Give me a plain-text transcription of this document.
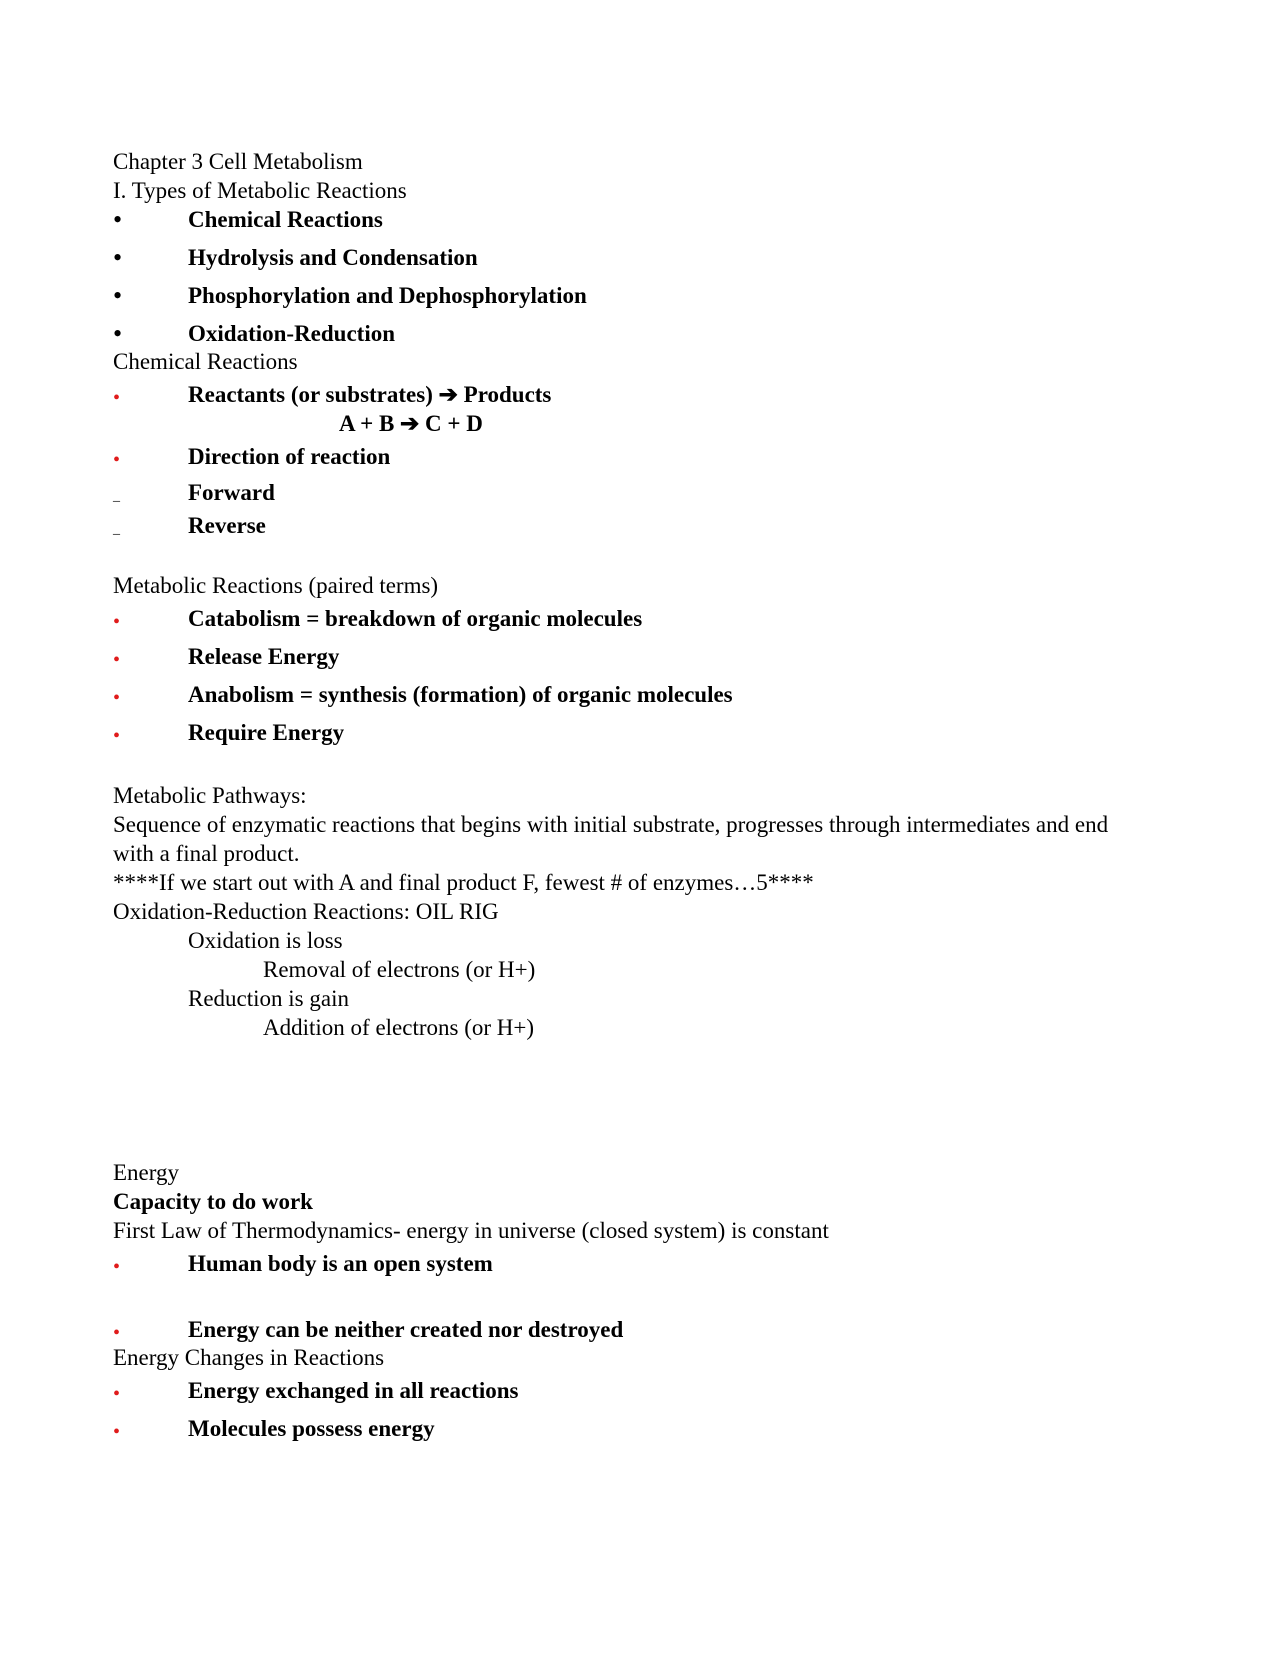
Chapter 3 Cell Metabolism
I. Types of Metabolic Reactions
•	Chemical Reactions
•	Hydrolysis and Condensation
•	Phosphorylation and Dephosphorylation
•	Oxidation-Reduction
Chemical Reactions
•	Reactants (or substrates) ➔ Products
A + B ➔ C + D
•	Direction of reaction
_	Forward
_	Reverse
Metabolic Reactions (paired terms)
•	Catabolism = breakdown of organic molecules
•	Release Energy
•	Anabolism = synthesis (formation) of organic molecules
•	Require Energy
Metabolic Pathways:
Sequence of enzymatic reactions that begins with initial substrate, progresses through intermediates and end with a final product.
****If we start out with A and final product F, fewest # of enzymes…5****
Oxidation-Reduction Reactions: OIL RIG
Oxidation is loss
Removal of electrons (or H+)
Reduction is gain
Addition of electrons (or H+)
Energy
Capacity to do work
First Law of Thermodynamics- energy in universe (closed system) is constant
•	Human body is an open system
•	Energy can be neither created nor destroyed
Energy Changes in Reactions
•	Energy exchanged in all reactions
•	Molecules possess energy
